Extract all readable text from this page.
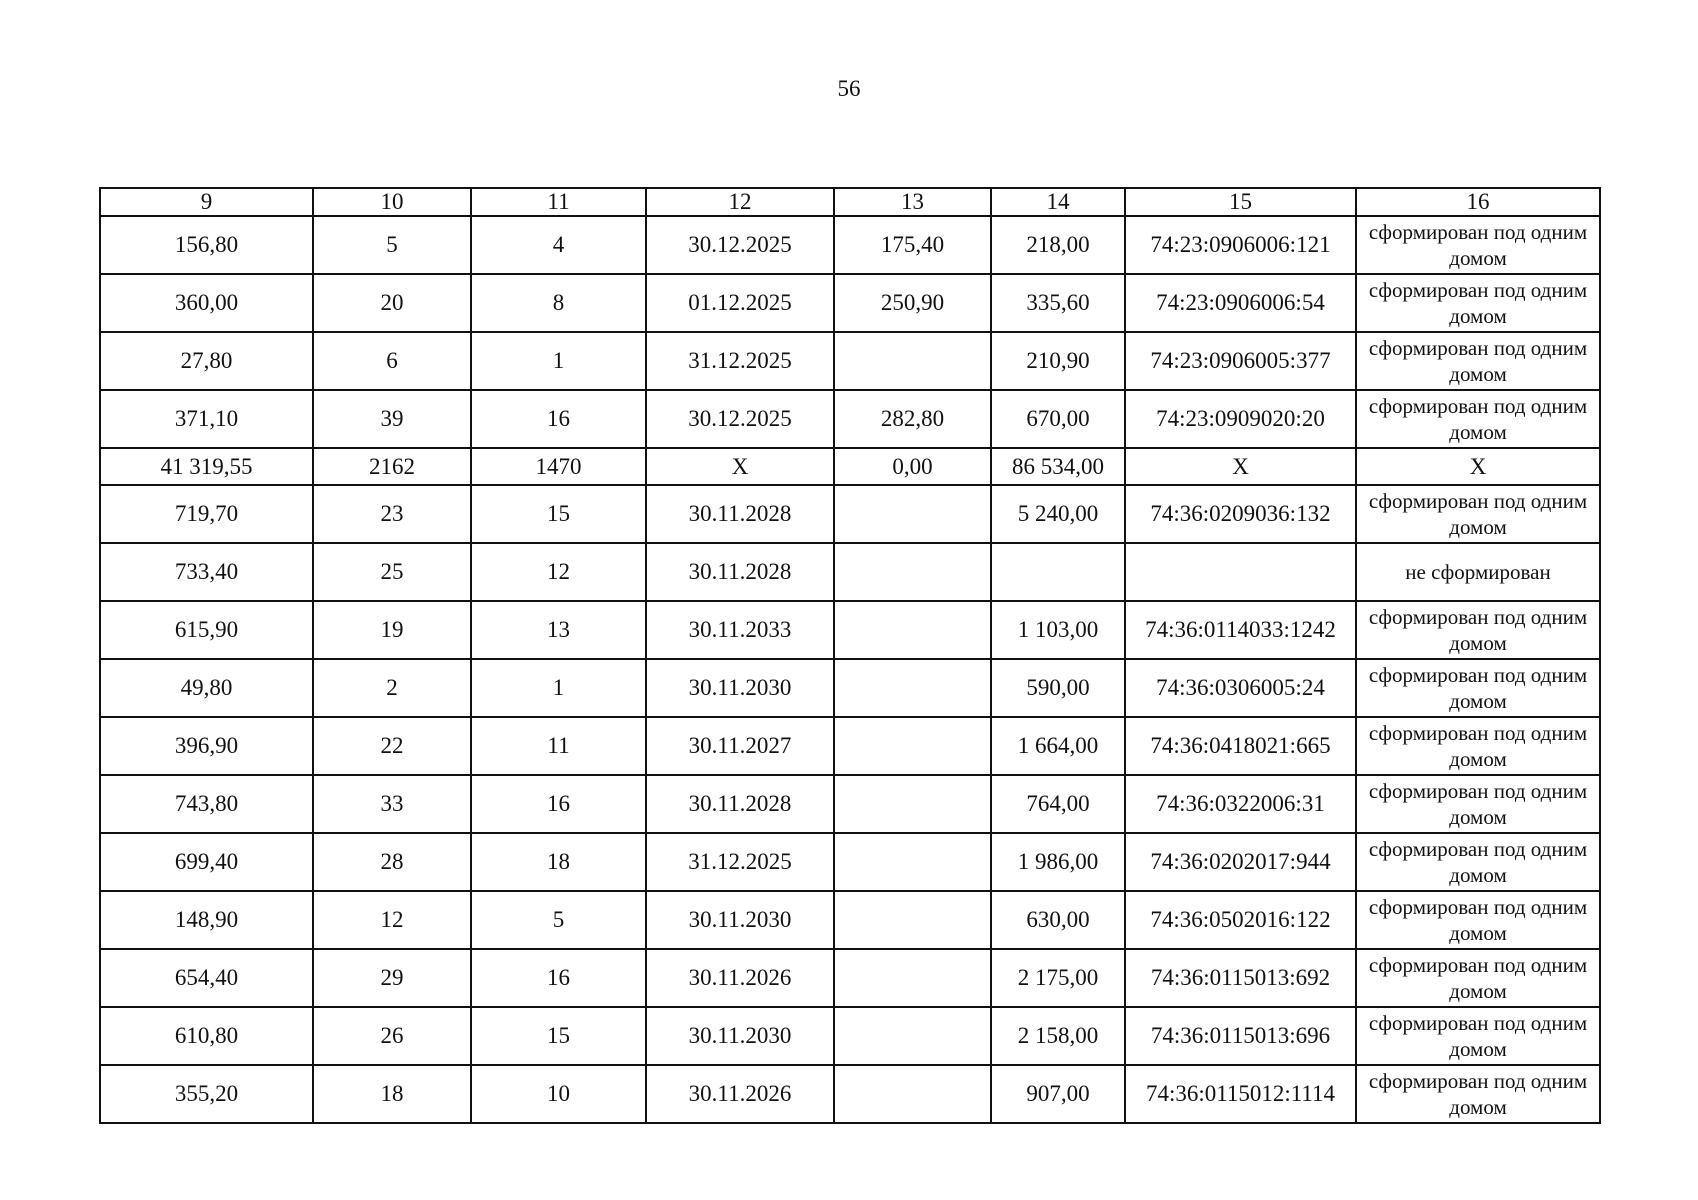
56
9	10	11	12	13	14	15	16
156,80	5	4	30.12.2025	175,40	218,00	74:23:0906006:121	сформирован под одним домом
360,00	20	8	01.12.2025	250,90	335,60	74:23:0906006:54	сформирован под одним домом
27,80	6	1	31.12.2025		210,90	74:23:0906005:377	сформирован под одним домом
371,10	39	16	30.12.2025	282,80	670,00	74:23:0909020:20	сформирован под одним домом
41 319,55	2162	1470	X	0,00	86 534,00	X	X
719,70	23	15	30.11.2028		5 240,00	74:36:0209036:132	сформирован под одним домом
733,40	25	12	30.11.2028				не сформирован
615,90	19	13	30.11.2033		1 103,00	74:36:0114033:1242	сформирован под одним домом
49,80	2	1	30.11.2030		590,00	74:36:0306005:24	сформирован под одним домом
396,90	22	11	30.11.2027		1 664,00	74:36:0418021:665	сформирован под одним домом
743,80	33	16	30.11.2028		764,00	74:36:0322006:31	сформирован под одним домом
699,40	28	18	31.12.2025		1 986,00	74:36:0202017:944	сформирован под одним домом
148,90	12	5	30.11.2030		630,00	74:36:0502016:122	сформирован под одним домом
654,40	29	16	30.11.2026		2 175,00	74:36:0115013:692	сформирован под одним домом
610,80	26	15	30.11.2030		2 158,00	74:36:0115013:696	сформирован под одним домом
355,20	18	10	30.11.2026		907,00	74:36:0115012:1114	сформирован под одним домом
